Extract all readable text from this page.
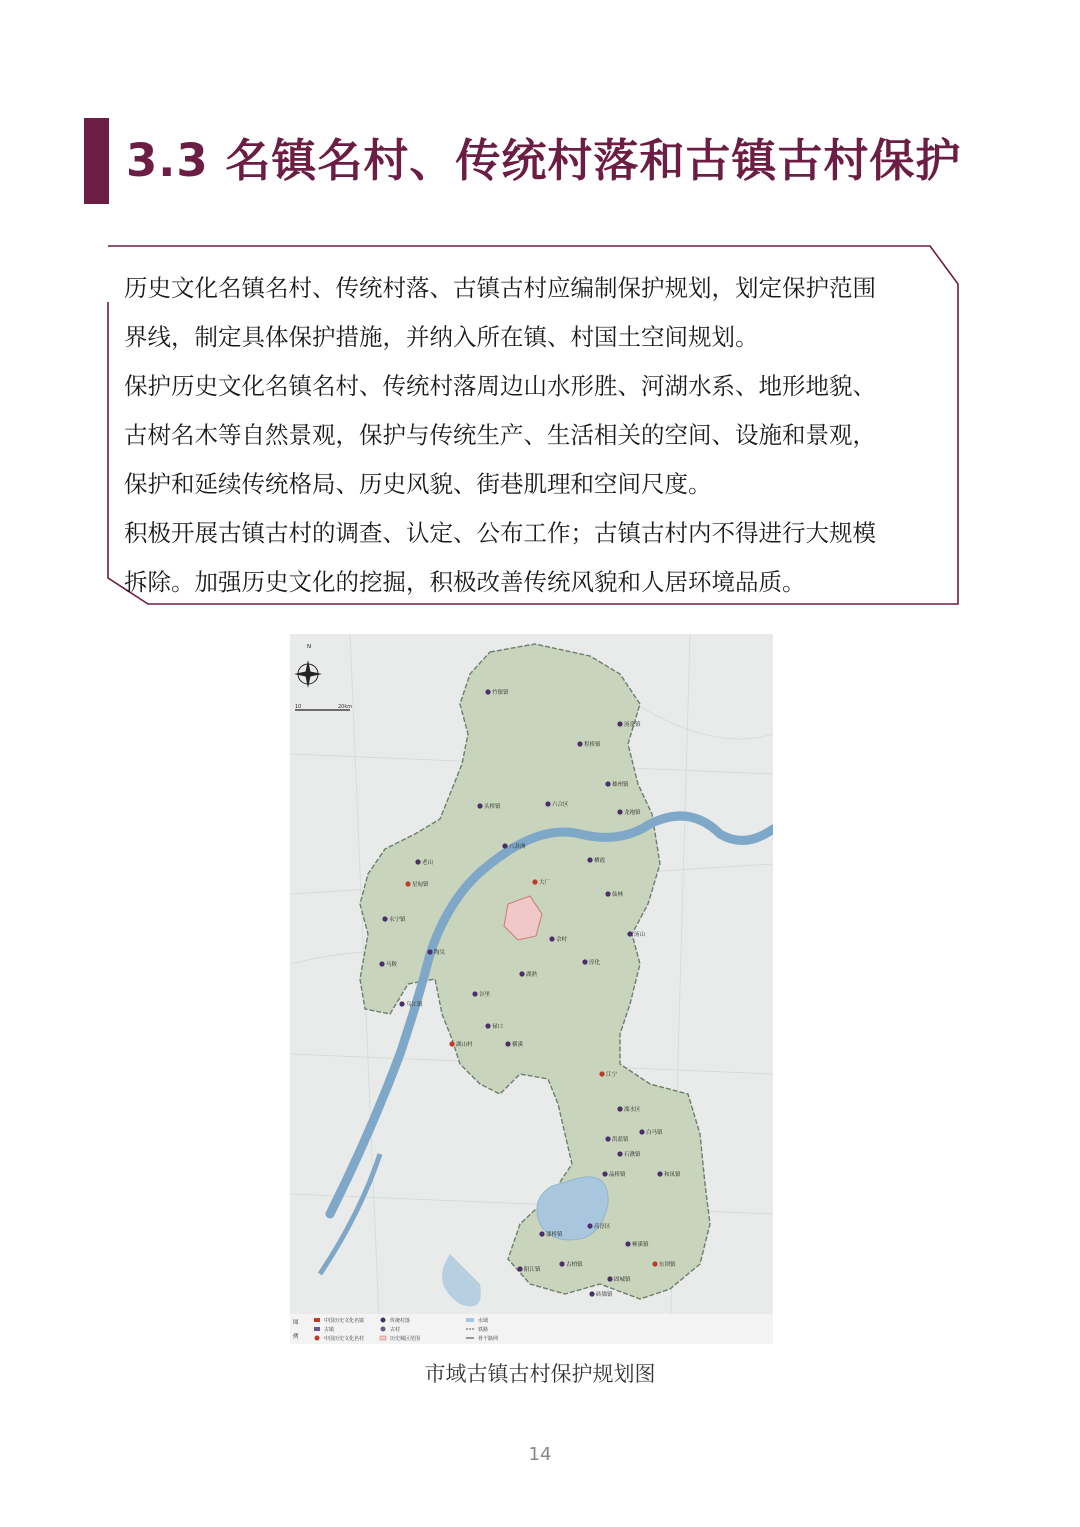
3.3 名镇名村、传统村落和古镇古村保护

历史文化名镇名村、传统村落、古镇古村应编制保护规划，划定保护范围

界线，制定具体保护措施，并纳入所在镇、村国土空间规划。

保护历史文化名镇名村、传统村落周边山水形胜、河湖水系、地形地貌、

古树名木等自然景观，保护与传统生产、生活相关的空间、设施和景观，

保护和延续传统格局、历史风貌、街巷肌理和空间尺度。

积极开展古镇古村的调查、认定、公布工作；古镇古村内不得进行大规模

拆除。加强历史文化的挖掘，积极改善传统风貌和人居环境品质。

N
10	20km
竹镇镇
头桥镇
汤泉镇
星甸镇
永宁镇
马鞍
乌江镇
程桥镇
雄州镇
龙袍镇
八卦洲
六合区
大厂
栖霞
仙林
汤山
淳化
湖熟
禄口
横溪
谷里
江宁
溧水区
洪蓝镇
白马镇
石湫镇
和凤镇
晶桥镇
高淳区
桠溪镇
东坝镇
固城镇
古柏镇
漆桥镇
阳江镇
砖墙镇
老山
陶吴
佘村
湖山村
图
例
中国历史文化名镇
古镇
中国历史文化名村
传统村落
古村
历史城区范围
水域
铁路
骨干路网
市域古镇古村保护规划图
14
